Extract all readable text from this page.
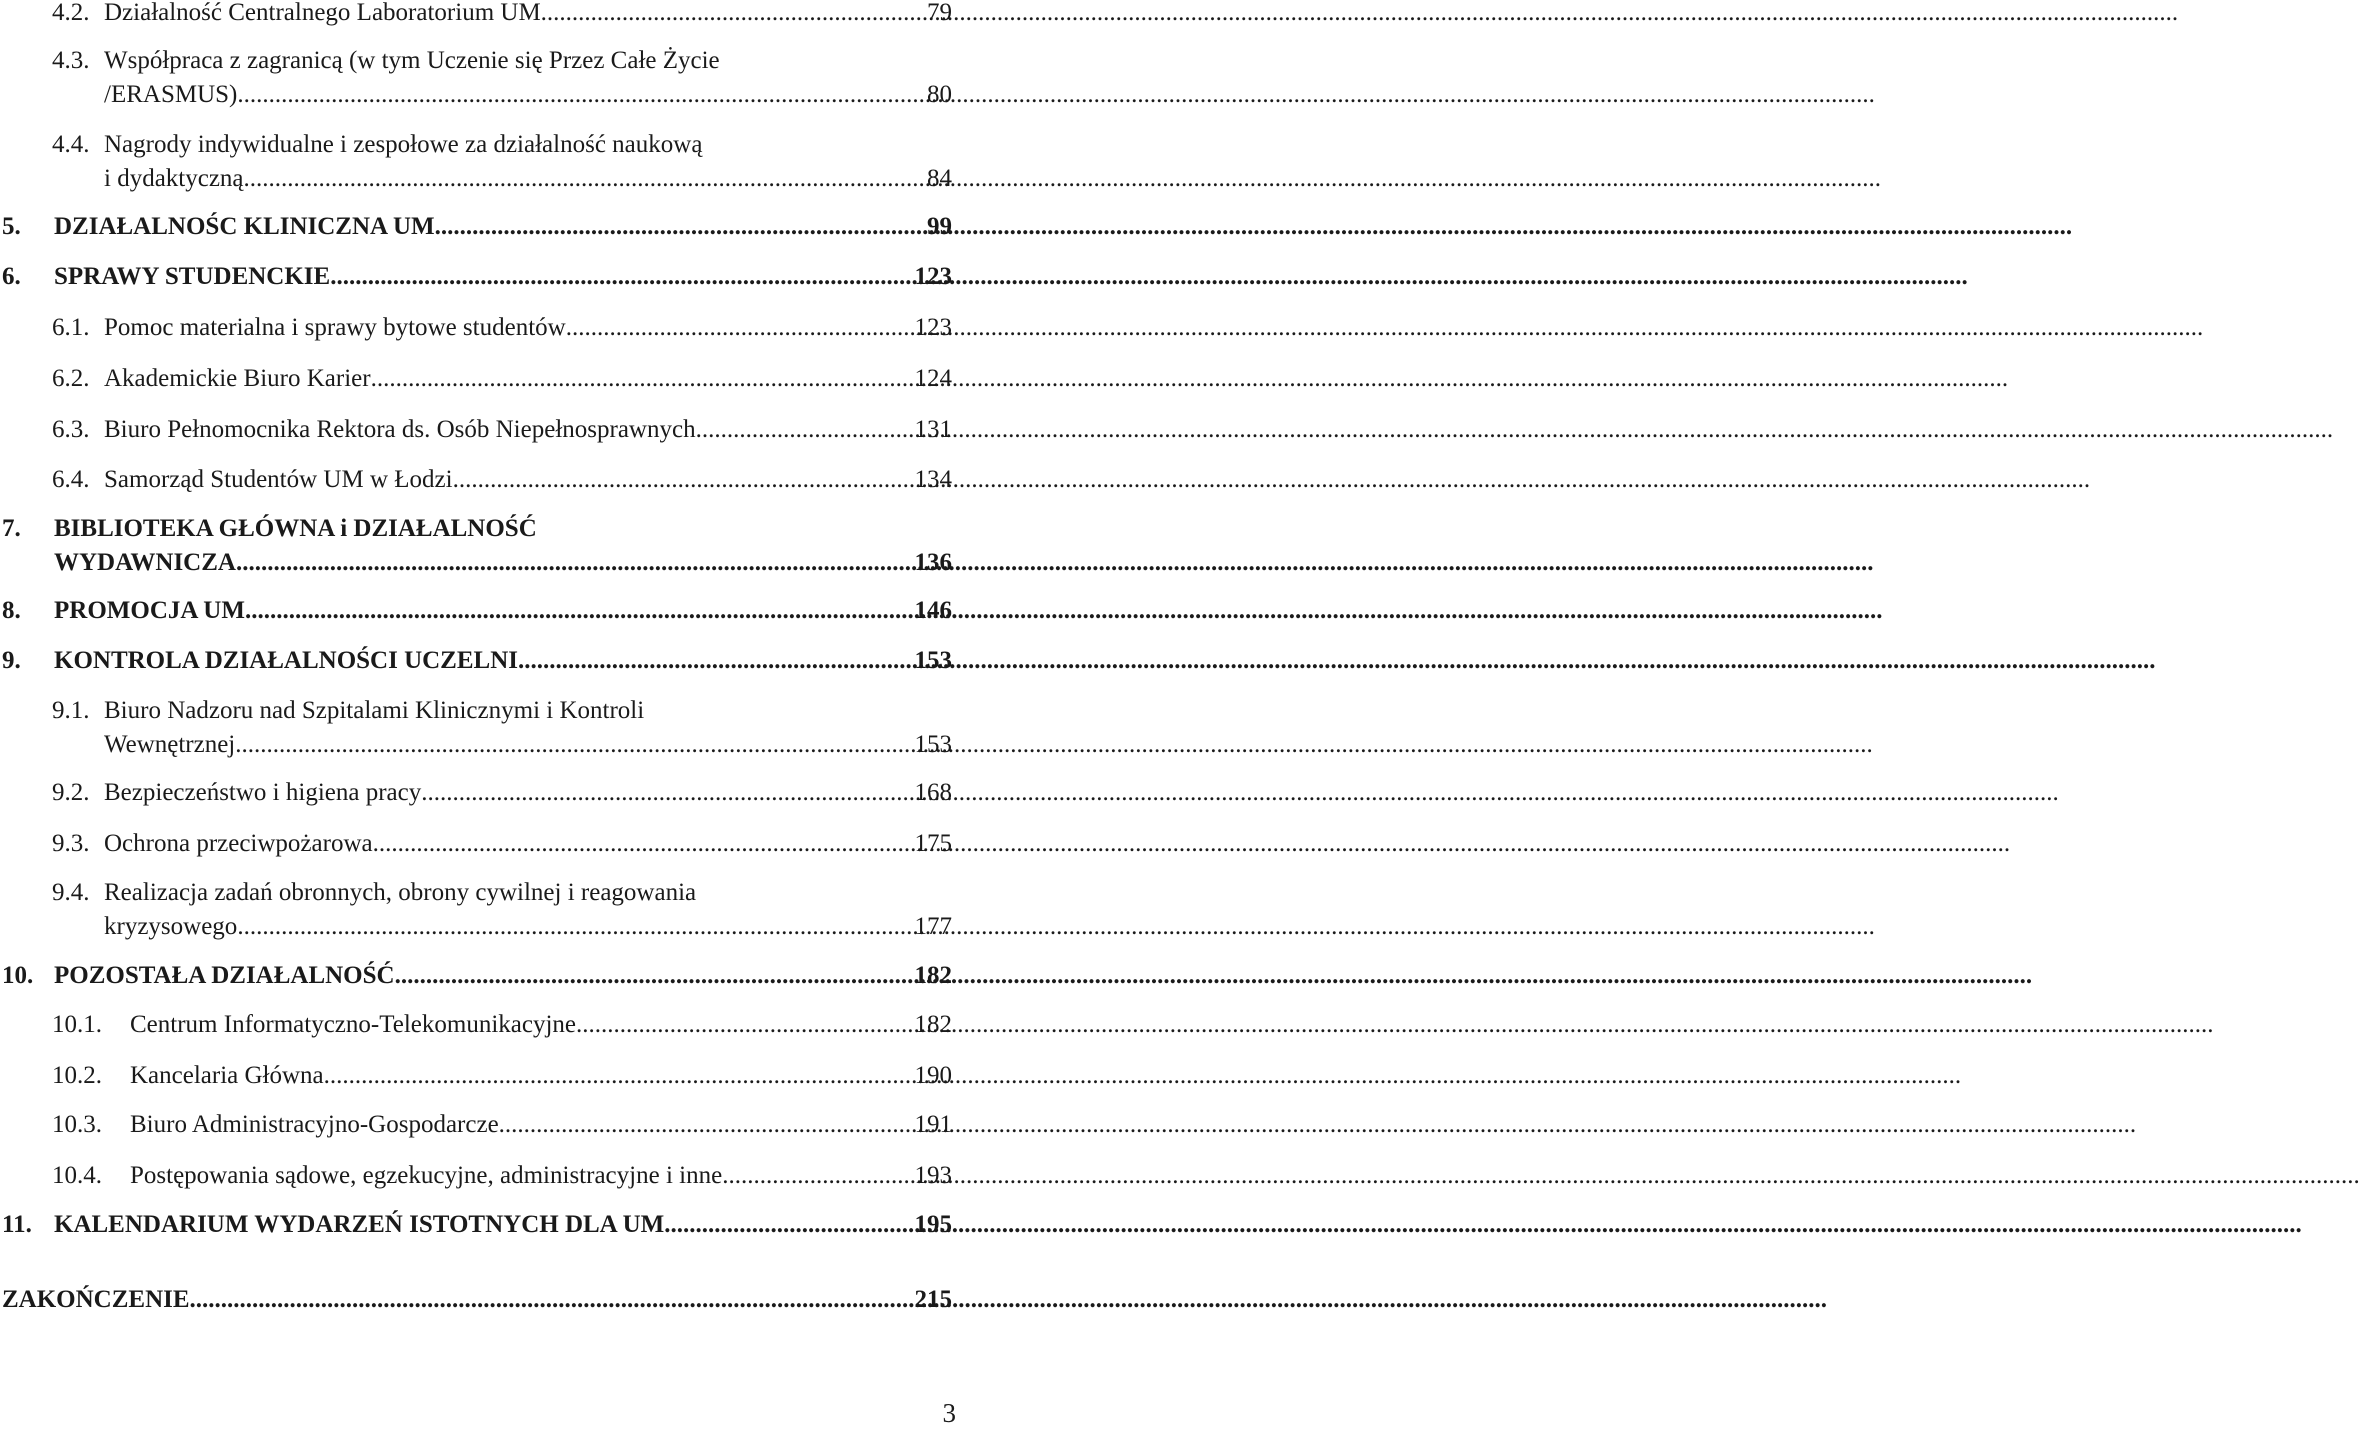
4.2. Działalność Centralnego Laboratorium UM .....	79
4.3. Współpraca z zagranicą (w tym Uczenie się Przez Całe Życie
/ERASMUS) .....	80
4.4. Nagrody indywidualne i zespołowe za działalność naukową
i dydaktyczną .....	84
5.	DZIAŁALNOŚC KLINICZNA UM .....	99
6.	SPRAWY STUDENCKIE .....	123
6.1. Pomoc materialna i sprawy bytowe studentów .....	123
6.2. Akademickie Biuro Karier .....	124
6.3. Biuro Pełnomocnika Rektora ds. Osób Niepełnosprawnych .....	131
6.4. Samorząd Studentów UM w Łodzi .....	134
7.	BIBLIOTEKA GŁÓWNA i DZIAŁALNOŚĆ
WYDAWNICZA .....	136
8.	PROMOCJA UM .....	146
9.	KONTROLA DZIAŁALNOŚCI UCZELNI .....	153
9.1. Biuro Nadzoru nad Szpitalami Klinicznymi i Kontroli
Wewnętrznej .....	153
9.2. Bezpieczeństwo i higiena pracy .....	168
9.3. Ochrona przeciwpożarowa .....	175
9.4. Realizacja zadań obronnych, obrony cywilnej i reagowania
kryzysowego .....	177
10. POZOSTAŁA DZIAŁALNOŚĆ .....	182
10.1.	Centrum Informatyczno-Telekomunikacyjne .....	182
10.2.	Kancelaria Główna .....	190
10.3.	Biuro Administracyjno-Gospodarcze .....	191
10.4.	Postępowania sądowe, egzekucyjne, administracyjne i inne .....	193
11. KALENDARIUM WYDARZEŃ ISTOTNYCH DLA UM .....	195
ZAKOŃCZENIE .....	215
3
